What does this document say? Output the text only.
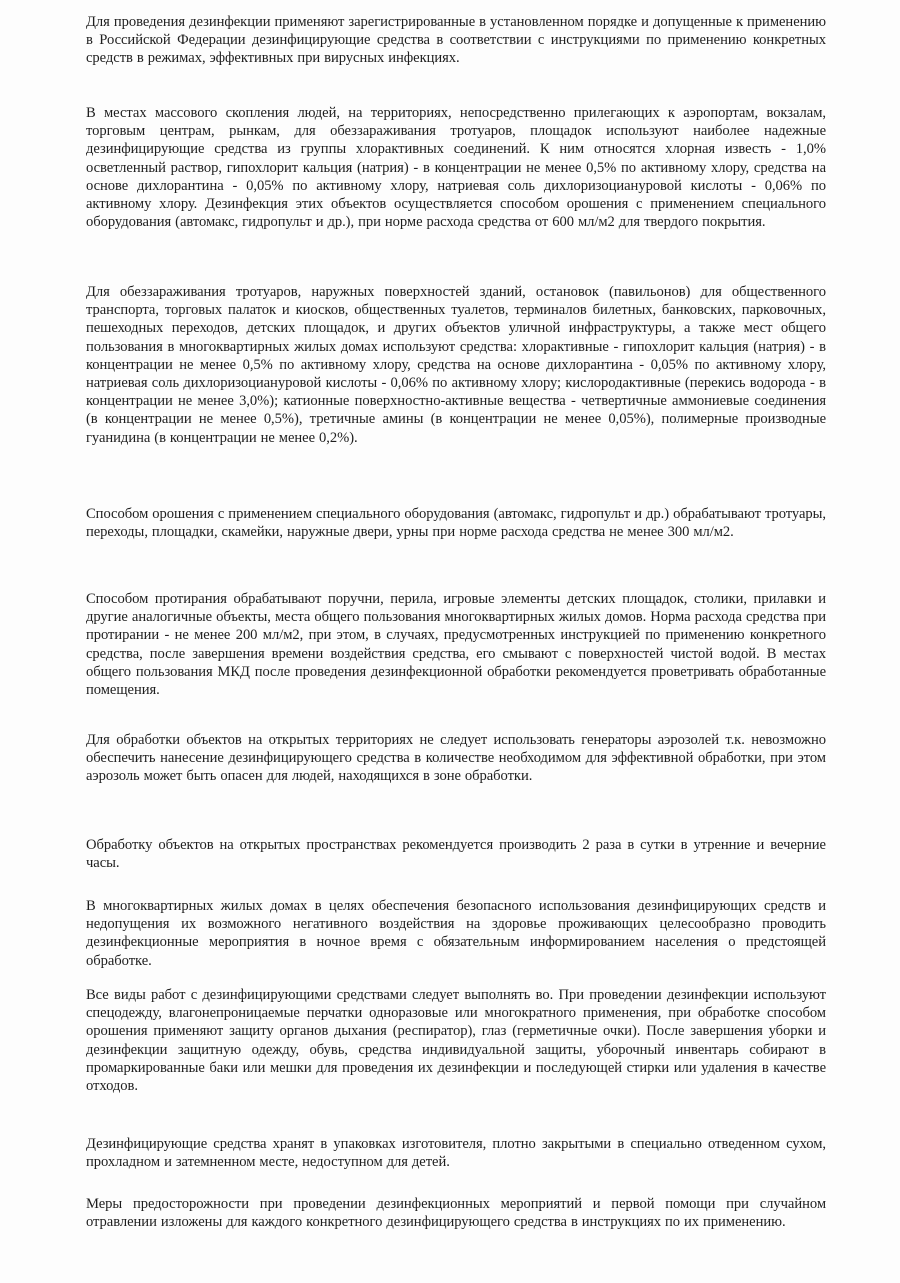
Для проведения дезинфекции применяют зарегистрированные в установленном порядке и допущенные к применению в Российской Федерации дезинфицирующие средства в соответствии с инструкциями по применению конкретных средств в режимах, эффективных при вирусных инфекциях.

В местах массового скопления людей, на территориях, непосредственно прилегающих к аэропортам, вокзалам, торговым центрам, рынкам, для обеззараживания тротуаров, площадок используют наиболее надежные дезинфицирующие средства из группы хлорактивных соединений. К ним относятся хлорная известь - 1,0% осветленный раствор, гипохлорит кальция (натрия) - в концентрации не менее 0,5% по активному хлору, средства на основе дихлорантина - 0,05% по активному хлору, натриевая соль дихлоризоциануровой кислоты - 0,06% по активному хлору. Дезинфекция этих объектов осуществляется способом орошения с применением специального оборудования (автомакс, гидропульт и др.), при норме расхода средства от 600 мл/м2 для твердого покрытия.

Для обеззараживания тротуаров, наружных поверхностей зданий, остановок (павильонов) для общественного транспорта, торговых палаток и киосков, общественных туалетов, терминалов билетных, банковских, парковочных, пешеходных переходов, детских площадок, и других объектов уличной инфраструктуры, а также мест общего пользования в многоквартирных жилых домах используют средства: хлорактивные - гипохлорит кальция (натрия) - в концентрации не менее 0,5% по активному хлору, средства на основе дихлорантина - 0,05% по активному хлору, натриевая соль дихлоризоциануровой кислоты - 0,06% по активному хлору; кислородактивные (перекись водорода - в концентрации не менее 3,0%); катионные поверхностно-активные вещества - четвертичные аммониевые соединения (в концентрации не менее 0,5%), третичные амины (в концентрации не менее 0,05%), полимерные производные гуанидина (в концентрации не менее 0,2%).

Способом орошения с применением специального оборудования (автомакс, гидропульт и др.) обрабатывают тротуары, переходы, площадки, скамейки, наружные двери, урны при норме расхода средства не менее 300 мл/м2.

Способом протирания обрабатывают поручни, перила, игровые элементы детских площадок, столики, прилавки и другие аналогичные объекты, места общего пользования многоквартирных жилых домов. Норма расхода средства при протирании - не менее 200 мл/м2, при этом, в случаях, предусмотренных инструкцией по применению конкретного средства, после завершения времени воздействия средства, его смывают с поверхностей чистой водой. В местах общего пользования МКД после проведения дезинфекционной обработки рекомендуется проветривать обработанные помещения.

Для обработки объектов на открытых территориях не следует использовать генераторы аэрозолей т.к. невозможно обеспечить нанесение дезинфицирующего средства в количестве необходимом для эффективной обработки, при этом аэрозоль может быть опасен для людей, находящихся в зоне обработки.

Обработку объектов на открытых пространствах рекомендуется производить 2 раза в сутки в утренние и вечерние часы.

В многоквартирных жилых домах в целях обеспечения безопасного использования дезинфицирующих средств и недопущения их возможного негативного воздействия на здоровье проживающих целесообразно проводить дезинфекционные мероприятия в ночное время с обязательным информированием населения о предстоящей обработке.

Все виды работ с дезинфицирующими средствами следует выполнять во. При проведении дезинфекции используют спецодежду, влагонепроницаемые перчатки одноразовые или многократного применения, при обработке способом орошения применяют защиту органов дыхания (респиратор), глаз (герметичные очки). После завершения уборки и дезинфекции защитную одежду, обувь, средства индивидуальной защиты, уборочный инвентарь собирают в промаркированные баки или мешки для проведения их дезинфекции и последующей стирки или удаления в качестве отходов.

Дезинфицирующие средства хранят в упаковках изготовителя, плотно закрытыми в специально отведенном сухом, прохладном и затемненном месте, недоступном для детей.

Меры предосторожности при проведении дезинфекционных мероприятий и первой помощи при случайном отравлении изложены для каждого конкретного дезинфицирующего средства в инструкциях по их применению.
